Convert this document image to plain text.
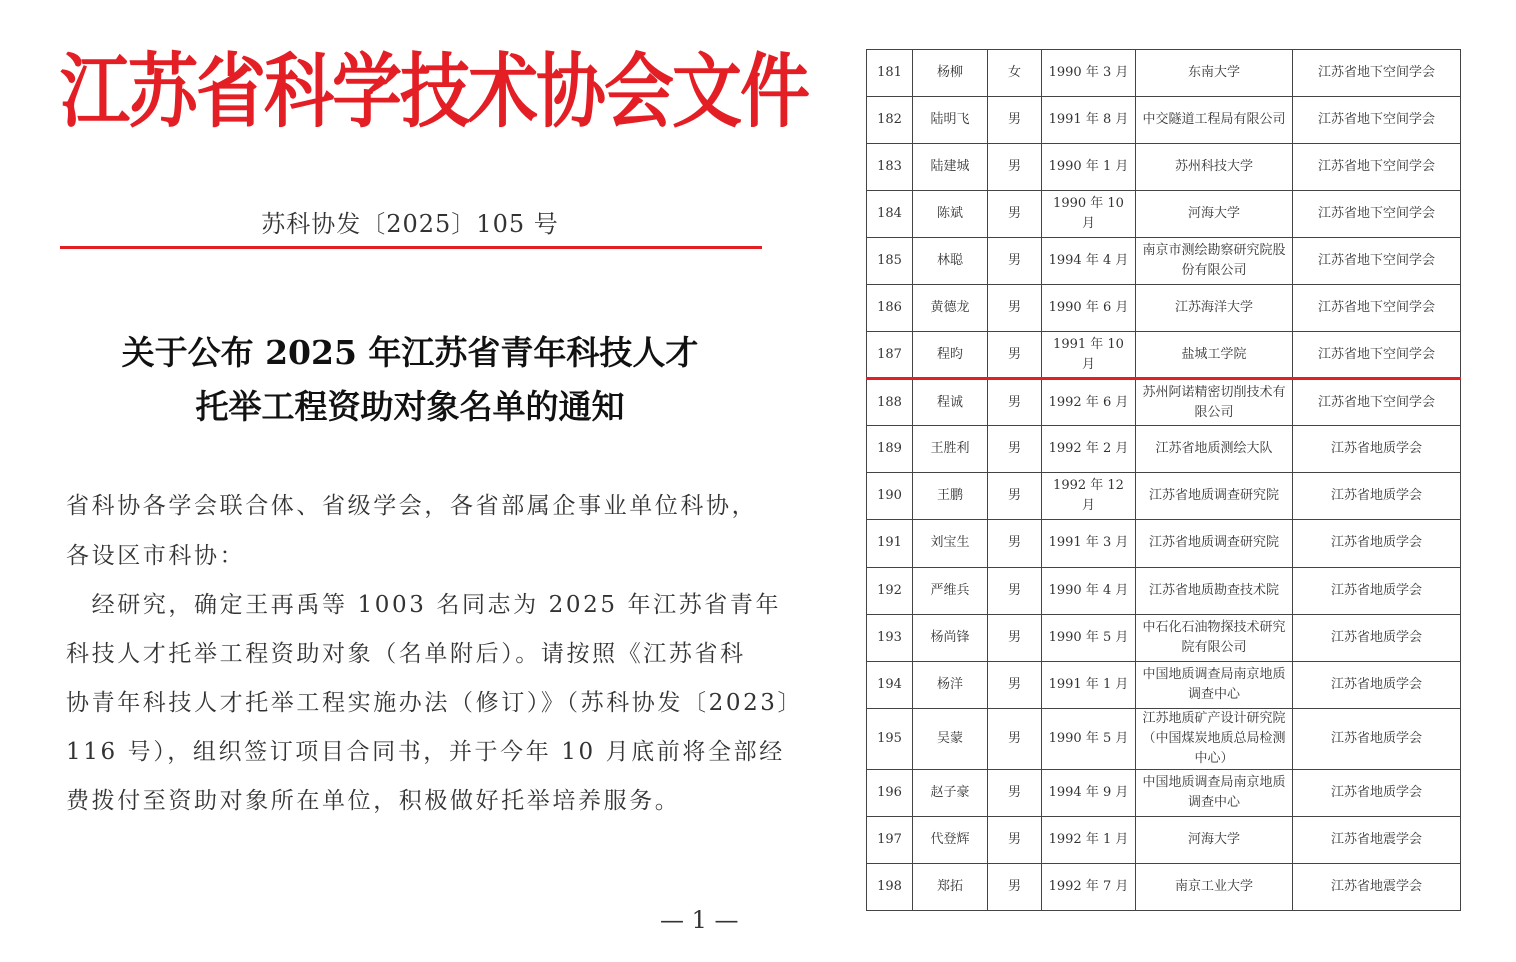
江苏省科学技术协会文件
苏科协发〔2025〕105 号
关于公布 2025 年江苏省青年科技人才
托举工程资助对象名单的通知
省科协各学会联合体、省级学会，各省部属企事业单位科协，
各设区市科协：
　经研究，确定王再禹等 1003 名同志为 2025 年江苏省青年
科技人才托举工程资助对象（名单附后）。请按照《江苏省科
协青年科技人才托举工程实施办法（修订）》（苏科协发〔2023〕
116 号），组织签订项目合同书，并于今年 10 月底前将全部经
费拨付至资助对象所在单位，积极做好托举培养服务。
— 1 —
181	杨柳	女	1990 年 3 月	东南大学	江苏省地下空间学会
182	陆明飞	男	1991 年 8 月	中交隧道工程局有限公司	江苏省地下空间学会
183	陆建城	男	1990 年 1 月	苏州科技大学	江苏省地下空间学会
184	陈斌	男	1990 年 10 月	河海大学	江苏省地下空间学会
185	林聪	男	1994 年 4 月	南京市测绘勘察研究院股份有限公司	江苏省地下空间学会
186	黄德龙	男	1990 年 6 月	江苏海洋大学	江苏省地下空间学会
187	程昀	男	1991 年 10 月	盐城工学院	江苏省地下空间学会
188	程诚	男	1992 年 6 月	苏州阿诺精密切削技术有限公司	江苏省地下空间学会
189	王胜利	男	1992 年 2 月	江苏省地质测绘大队	江苏省地质学会
190	王鹏	男	1992 年 12 月	江苏省地质调查研究院	江苏省地质学会
191	刘宝生	男	1991 年 3 月	江苏省地质调查研究院	江苏省地质学会
192	严维兵	男	1990 年 4 月	江苏省地质勘查技术院	江苏省地质学会
193	杨尚锋	男	1990 年 5 月	中石化石油物探技术研究院有限公司	江苏省地质学会
194	杨洋	男	1991 年 1 月	中国地质调查局南京地质调查中心	江苏省地质学会
195	吴蒙	男	1990 年 5 月	江苏地质矿产设计研究院（中国煤炭地质总局检测中心）	江苏省地质学会
196	赵子豪	男	1994 年 9 月	中国地质调查局南京地质调查中心	江苏省地质学会
197	代登辉	男	1992 年 1 月	河海大学	江苏省地震学会
198	郑拓	男	1992 年 7 月	南京工业大学	江苏省地震学会
